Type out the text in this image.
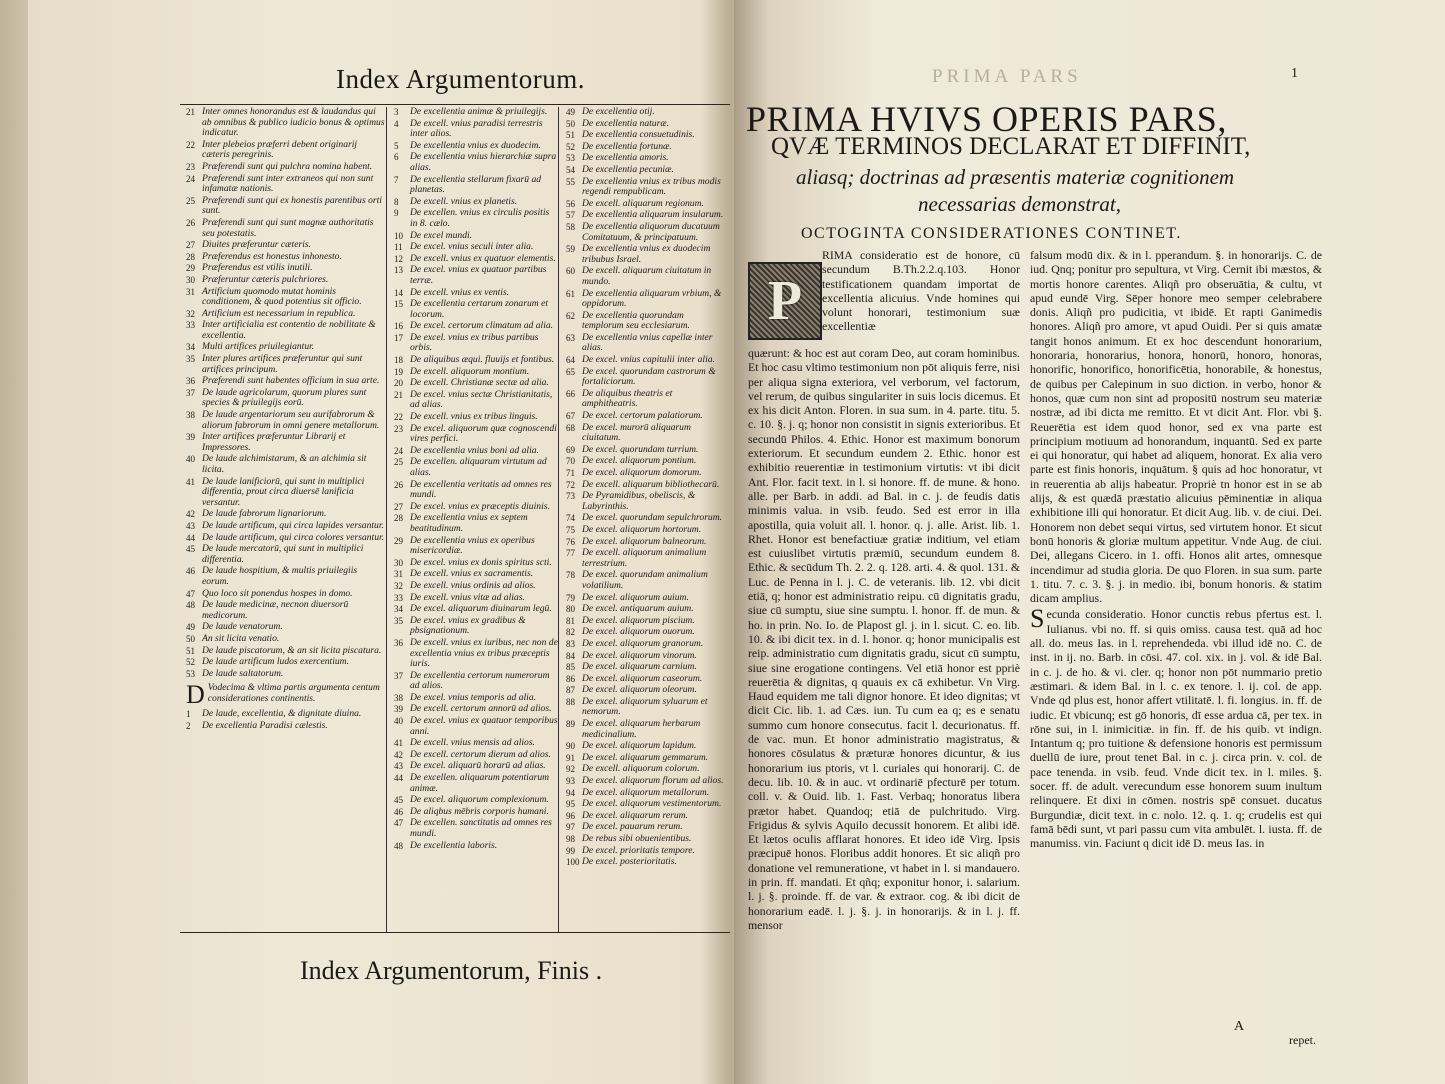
Index Argumentorum.
21 Inter omnes honorandus est & laudandus qui ab omnibus & publico iudicio bonus & optimus indicatur.
22 Inter plebeios præferri debent originarij cæteris peregrinis.
23 Præferendi sunt qui pulchra nomina habent.
24 Præferendi sunt inter extraneos qui non sunt infamatæ nationis.
25 Præferendi sunt qui ex honestis parentibus orti sunt.
26 Præferendi sunt qui sunt magnæ authoritatis seu potestatis.
27 Diuites præferuntur cæteris.
28 Præferendus est honestus inhonesto.
29 Præferendus est vtilis inutili.
30 Præferuntur cæteris pulchriores.
31 Artificium quomodo mutat hominis conditionem, & quod potentius sit officio.
32 Artificium est necessarium in republica.
33 Inter artificialia est contentio de nobilitate & excellentia.
34 Multi artifices priuilegiantur.
35 Inter plures artifices præferuntur qui sunt artifices principum.
36 Præferendi sunt habentes officium in sua arte.
37 De laude agricolarum, quorum plures sunt species & priuilegijs eorū.
38 De laude argentariorum seu aurifabrorum & aliorum fabrorum in omni genere metallorum.
39 Inter artifices præferuntur Librarij et Impressores.
40 De laude alchimistarum, & an alchimia sit licita.
41 De laude lanificiorū, qui sunt in multiplici differentia, prout circa diuersē lanificia versantur.
42 De laude fabrorum lignariorum.
43 De laude artificum, qui circa lapides versantur.
44 De laude artificum, qui circa colores versantur.
45 De laude mercatorū, qui sunt in multiplici differentia.
46 De laude hospitium, & multis priuilegiis eorum.
47 Quo loco sit ponendus hospes in domo.
48 De laude medicinæ, necnon diuersorū medicorum.
49 De laude venatorum.
50 An sit licita venatio.
51 De laude piscatorum, & an sit licita piscatura.
52 De laude artificum ludos exercentium.
53 De laude saltatorum.
D Vodecima & vltima partis argumenta centum considerationes continentis.
1	De laude, excellentia, & dignitate diuina.
2	De excellentia Paradisi cælestis.
3	De excellentia animæ & priuilegijs.
4	De excell. vnius paradisi terrestris inter alios.
5	De excellentia vnius ex duodecim.
6	De excellentia vnius hierarchiæ supra alias.
7	De excellentia stellarum fixarū ad planetas.
8	De excell. vnius ex planetis.
9	De excellen. vnius ex circulis positis in 8. cælo.
10 De excel mundi.
11 De excel. vnius seculi inter alia.
12 De excell. vnius ex quatuor elementis.
13 De excel. vnius ex quatuor partibus terræ.
14 De excell. vnius ex ventis.
15 De excellentia certarum zonarum et locorum.
16 De excel. certorum climatum ad alia.
17 De excel. vnius ex tribus partibus orbis.
18 De aliquibus æqui. fluuijs et fontibus.
19 De excell. aliquorum montium.
20 De excell. Christianæ sectæ ad alia.
21 De excel. vnius sectæ Christianitatis, ad alias.
22 De excell. vnius ex tribus linguis.
23 De excel. aliquorum quæ cognoscendi vires perfici.
24 De excellentia vnius boni ad alia.
25 De excellen. aliquarum virtutum ad alias.
26 De excellentia veritatis ad omnes res mundi.
27 De excel. vnius ex præceptis diuinis.
28 De excellentia vnius ex septem beatitudinum.
29 De excellentia vnius ex operibus misericordiæ.
30 De excel. vnius ex donis spiritus scti.
31 De excell. vnius ex sacramentis.
32 De excell. vnius ordinis ad alios.
33 De excell. vnius vitæ ad alias.
34 De excel. aliquarum diuinarum legū.
35 De excel. vnius ex gradibus & pbsignationum.
36 De excell. vnius ex iuribus, nec non de excellentia vnius ex tribus præceptis iuris.
37 De excellentia certorum numerorum ad alios.
38 De excel. vnius temporis ad alia.
39 De excell. certorum annorū ad alios.
40 De excel. vnius ex quatuor temporibus anni.
41 De excell. vnius mensis ad alios.
42 De excell. certorum dierum ad alios.
43 De excel. aliquarū horarū ad alias.
44 De excellen. aliquarum potentiarum animæ.
45 De excel. aliquorum complexionum.
46 De aliqbus mēbris corporis humani.
47 De excellen. sanctitatis ad omnes res mundi.
48 De excellentia laboris.
49 De excellentia otij.
50 De excellentia naturæ.
51 De excellentia consuetudinis.
52 De excellentia fortunæ.
53 De excellentia amoris.
54 De excellentia pecuniæ.
55 De excellentia vnius ex tribus modis regendi rempublicam.
56 De excell. aliquarum regionum.
57 De excellentia aliquarum insularum.
58 De excellentia aliquorum ducatuum Comitatuum, & principatuum.
59 De excellentia vnius ex duodecim tribubus Israel.
60 De excell. aliquarum ciuitatum in mundo.
61 De excellentia aliquarum vrbium, & oppidorum.
62 De excellentia quorundam templorum seu ecclesiarum.
63 De excellentia vnius capellæ inter alias.
64 De excel. vnius capitulii inter alia.
65 De excel. quorundam castrorum & fortaliciorum.
66 De aliquibus theatris et amphitheatris.
67 De excel. certorum palatiorum.
68 De excel. murorū aliquarum ciuitatum.
69 De excel. quorundam turrium.
70 De excel. aliquorum pontium.
71 De excel. aliquorum domorum.
72 De excell. aliquarum bibliothecarū.
73 De Pyramidibus, obeliscis, & Labyrinthis.
74 De excel. quorundam sepulchrorum.
75 De excel. aliquorum hortorum.
76 De excel. aliquorum balneorum.
77 De excell. aliquorum animalium terrestrium.
78 De excel. quorundam animalium volatilium.
79 De excel. aliquorum auium.
80 De excel. antiquarum auium.
81 De excel. aliquorum piscium.
82 De excel. aliquorum ouorum.
83 De excel. aliquorum granorum.
84 De excel. aliquorum vinorum.
85 De excel. aliquarum carnium.
86 De excel. aliquorum caseorum.
87 De excel. aliquorum oleorum.
88 De excel. aliquorum syluarum et nemorum.
89 De excel. aliquarum herbarum medicinalium.
90 De excel. aliquorum lapidum.
91 De excel. aliquarum gemmarum.
92 De excell. aliquorum colorum.
93 De excel. aliquorum florum ad alios.
94 De excel. aliquorum metallorum.
95 De excel. aliquorum vestimentorum.
96 De excel. aliquarum rerum.
97 De excel. pauarum rerum.
98 De rebus sibi obuenientibus.
99 De excel. prioritatis tempore.
100 De excel. posterioritatis.
Index Argumentorum, Finis .
PRIMA PARS	1
PRIMA HVIVS OPERIS PARS,
QVÆ TERMINOS DECLARAT ET DIFFINIT,
aliasq; doctrinas ad præsentis materiæ cognitionem
necessarias demonstrat,
OCTOGINTA CONSIDERATIONES CONTINET.
P

RIMA consideratio est de honore, cū secundum B.Th.2.2.q.103. Honor testificationem quandam importat de excellentia alicuius. Vnde homines qui volunt honorari, testimonium suæ excellentiæ

quærunt: & hoc est aut coram Deo, aut coram hominibus. Et hoc casu vltimo testimonium non pōt aliquis ferre, nisi per aliqua signa exteriora, vel verborum, vel factorum, vel rerum, de quibus singulariter in suis locis dicemus. Et ex his dicit Anton. Floren. in sua sum. in 4. parte. titu. 5. c. 10. §. j. q; honor non consistit in signis exterioribus. Et secundū Philos. 4. Ethic. Honor est maximum bonorum exteriorum. Et secundum eundem 2. Ethic. honor est exhibitio reuerentiæ in testimonium virtutis: vt ibi dicit Ant. Flor. facit text. in l. si honore. ff. de mune. & hono. alle. per Barb. in addi. ad Bal. in c. j. de feudis datis minimis valua. in vsib. feudo. Sed est error in illa apostilla, quia voluit all. l. honor. q. j. alle. Arist. lib. 1. Rhet. Honor est benefactiuæ gratiæ inditium, vel etiam est cuiuslibet virtutis præmiū, secundum eundem 8. Ethic. & secūdum Th. 2. 2. q. 128. arti. 4. & quol. 131. & Luc. de Penna in l. j. C. de veteranis. lib. 12. vbi dicit etiā, q; honor est administratio reipu. cū dignitatis gradu, siue cū sumptu, siue sine sumptu. l. honor. ff. de mun. & ho. in prin. No. Io. de Plapost gl. j. in l. sicut. C. eo. lib. 10. & ibi dicit tex. in d. l. honor. q; honor municipalis est reip. administratio cum dignitatis gradu, sicut cū sumptu, siue sine erogatione contingens. Vel etiā honor est ppriè reuerētia & dignitas, q quauis ex cā exhibetur. Vn Virg. Haud equidem me tali dignor honore. Et ideo dignitas; vt dicit Cic. lib. 1. ad Cæs. iun. Tu cum ea q; es e senatu summo cum honore consecutus. facit l. decurionatus. ff. de vac. mun. Et honor administratio magistratus, & honores cōsulatus & præturæ honores dicuntur, & ius honorarium ius ptoris, vt l. curiales qui honorarij. C. de decu. lib. 10. & in auc. vt ordinariē pfecturē per totum. coll. v. & Ouid. lib. 1. Fast. Verbaq; honoratus libera prætor habet. Quandoq; etiā de pulchritudo. Virg. Frigidus & sylvis Aquilo decussit honorem. Et alibi idē. Et lætos oculis afflarat honores. Et ideo idē Virg. Ipsis præcipuē honos. Floribus addit honores. Et sic aliqñ pro donatione vel remuneratione, vt habet in l. si mandauero. in prin. ff. mandati. Et qñq; exponitur honor, i. salarium. l. j. §. proinde. ff. de var. & extraor. cog. & ibi dicit de honorarium eadē. l. j. §. j. in honorarijs. & in l. j. ff. mensor

falsum modū dix. & in l. pperandum. §. in honorarijs. C. de iud. Qnq; ponitur pro sepultura, vt Virg. Cernit ibi mæstos, & mortis honore carentes. Aliqñ pro obseruātia, & cultu, vt apud eundē Virg. Sēper honore meo semper celebrabere donis. Aliqñ pro pudicitia, vt ibidē. Et rapti Ganimedis honores. Aliqñ pro amore, vt apud Ouidi. Per si quis amatæ tangit honos animum. Et ex hoc descendunt honorarium, honoraria, honorarius, honora, honorū, honoro, honoras, honorific, honorifico, honorificētia, honorabile, & honestus, de quibus per Calepinum in suo diction. in verbo, honor & honos, quæ cum non sint ad propositū nostrum seu materiæ nostræ, ad ibi dicta me remitto. Et vt dicit Ant. Flor. vbi §. Reuerētia est idem quod honor, sed ex vna parte est principium motiuum ad honorandum, inquantū. Sed ex parte ei qui honoratur, qui habet ad aliquem, honorat. Ex alia vero parte est finis honoris, inquātum. § quis ad hoc honoratur, vt in reuerentia ab alijs habeatur. Propriè tn honor est in se ab alijs, & est quædā præstatio alicuius pēminentiæ in aliqua exhibitione illi qui honoratur. Et dicit Aug. lib. v. de ciui. Dei. Honorem non debet sequi virtus, sed virtutem honor. Et sicut bonū honoris & gloriæ multum appetitur. Vnde Aug. de ciui. Dei, allegans Cicero. in 1. offi. Honos alit artes, omnesque incendimur ad studia gloria. De quo Floren. in sua sum. parte 1. titu. 7. c. 3. §. j. in medio. ibi, bonum honoris. & statim dicam amplius.

Secunda consideratio. Honor cunctis rebus pfertus est. l. Iulianus. vbi no. ff. si quis omiss. causa test. quā ad hoc all. do. meus Ias. in l. reprehendeda. vbi illud idē no. C. de inst. in ij. no. Barb. in cōsi. 47. col. xix. in j. vol. & idē Bal. in c. j. de ho. & vi. cler. q; honor non pōt nummario pretio æstimari. & idem Bal. in l. c. ex tenore. l. ij. col. de app. Vnde qd plus est, honor affert vtilitatē. l. fi. longius. in. ff. de iudic. Et vbicunq; est gō honoris, dī esse ardua cā, per tex. in rōne sui, in l. inimicitiæ. in fin. ff. de his quib. vt indign. Intantum q; pro tuitione & defensione honoris est permissum duellū de iure, prout tenet Bal. in c. j. circa prin. v. col. de pace tenenda. in vsib. feud. Vnde dicit tex. in l. miles. §. socer. ff. de adult. verecundum esse honorem suum inultum relinquere. Et dixi in cōmen. nostris spē consuet. ducatus Burgundiæ, dicit text. in c. nolo. 12. q. 1. q; crudelis est qui famā bēdi sunt, vt pari passu cum vita ambulēt. l. iusta. ff. de manumiss. vin. Faciunt q dicit idē D. meus Ias. in

A
repet.
